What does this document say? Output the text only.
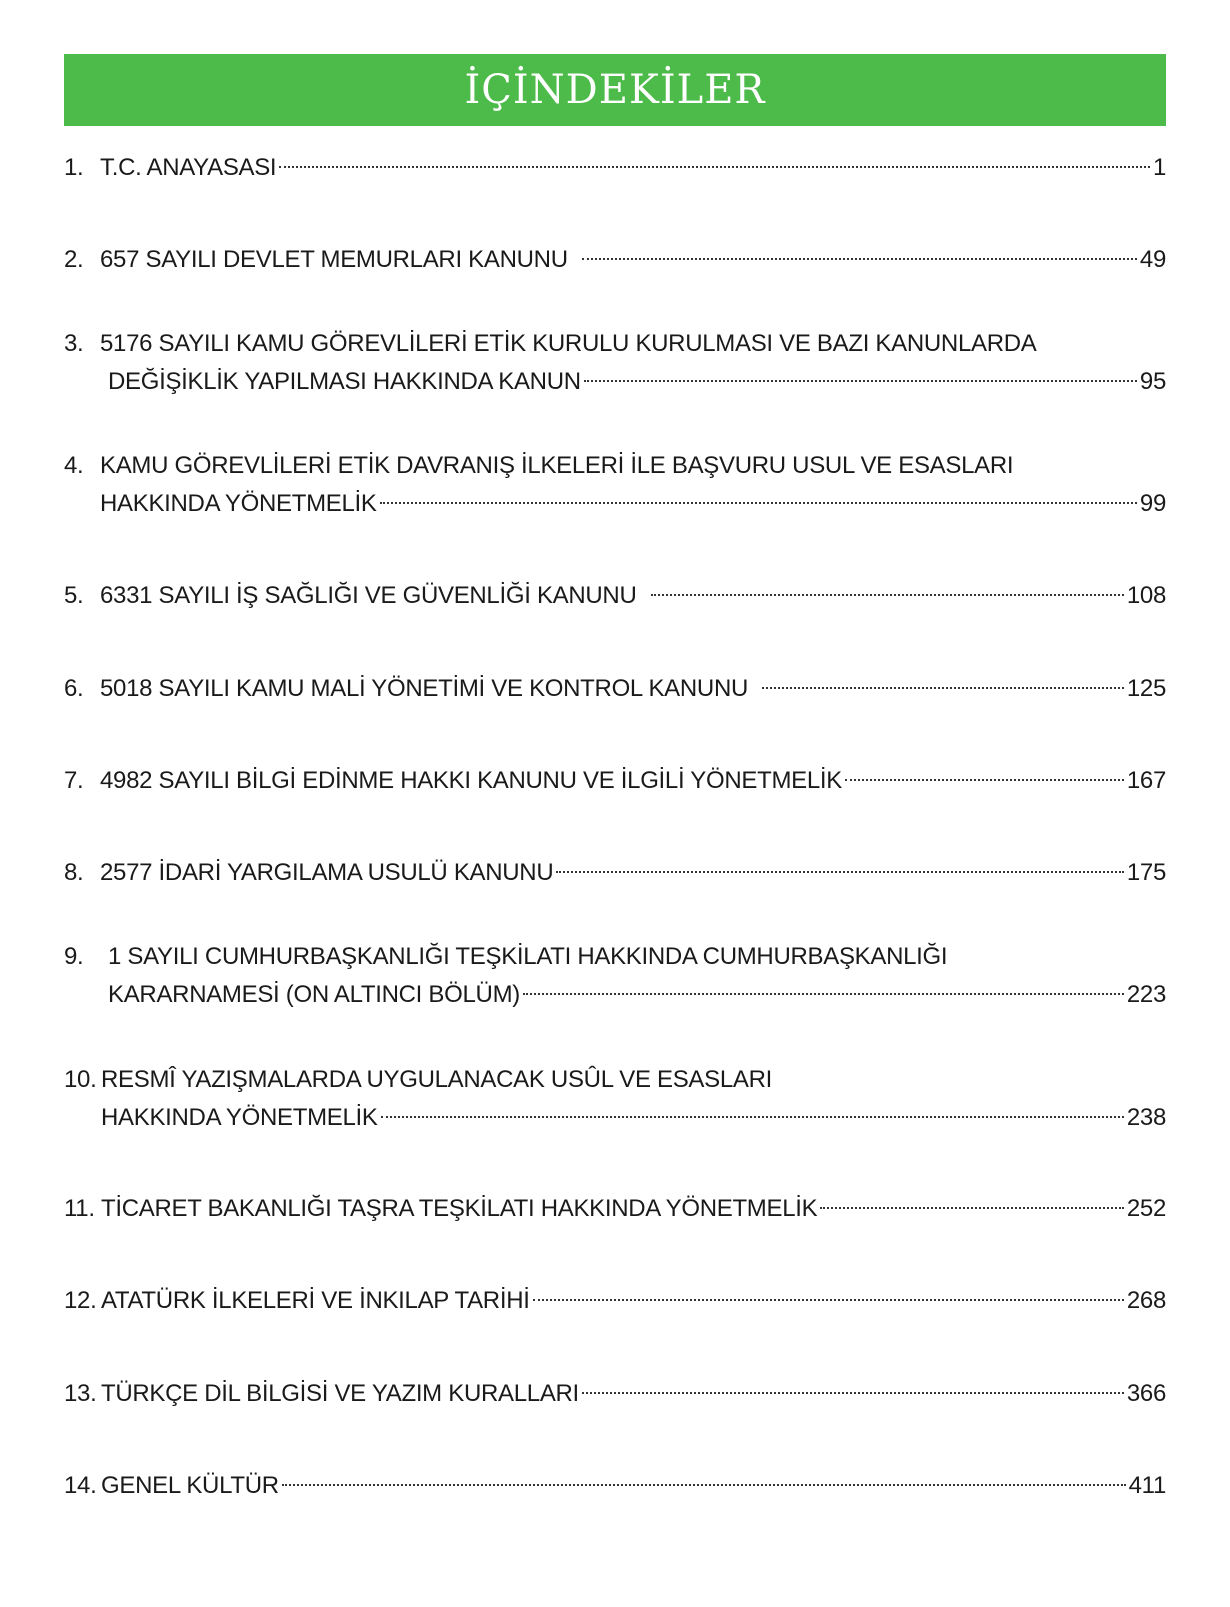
İÇİNDEKİLER
1. T.C. ANAYASASI	1
2. 657 SAYILI DEVLET MEMURLARI KANUNU	49
3. 5176 SAYILI KAMU GÖREVLİLERİ ETİK KURULU KURULMASI VE BAZI KANUNLARDA
DEĞİŞİKLİK YAPILMASI HAKKINDA KANUN	95
4. KAMU GÖREVLİLERİ ETİK DAVRANIŞ İLKELERİ İLE BAŞVURU USUL VE ESASLARI
HAKKINDA YÖNETMELİK	99
5. 6331 SAYILI İŞ SAĞLIĞI VE GÜVENLİĞİ KANUNU	108
6. 5018 SAYILI KAMU MALİ YÖNETİMİ VE KONTROL KANUNU	125
7. 4982 SAYILI BİLGİ EDİNME HAKKI KANUNU VE İLGİLİ YÖNETMELİK	167
8. 2577 İDARİ YARGILAMA USULÜ KANUNU	175
9.	1 SAYILI CUMHURBAŞKANLIĞI TEŞKİLATI HAKKINDA CUMHURBAŞKANLIĞI
KARARNAMESİ (ON ALTINCI BÖLÜM)	223
10. RESMÎ YAZIŞMALARDA UYGULANACAK USÛL VE ESASLARI
HAKKINDA YÖNETMELİK	238
11. TİCARET BAKANLIĞI TAŞRA TEŞKİLATI HAKKINDA YÖNETMELİK	252
12. ATATÜRK İLKELERİ VE İNKILAP TARİHİ	268
13. TÜRKÇE DİL BİLGİSİ VE YAZIM KURALLARI	366
14. GENEL KÜLTÜR	411
